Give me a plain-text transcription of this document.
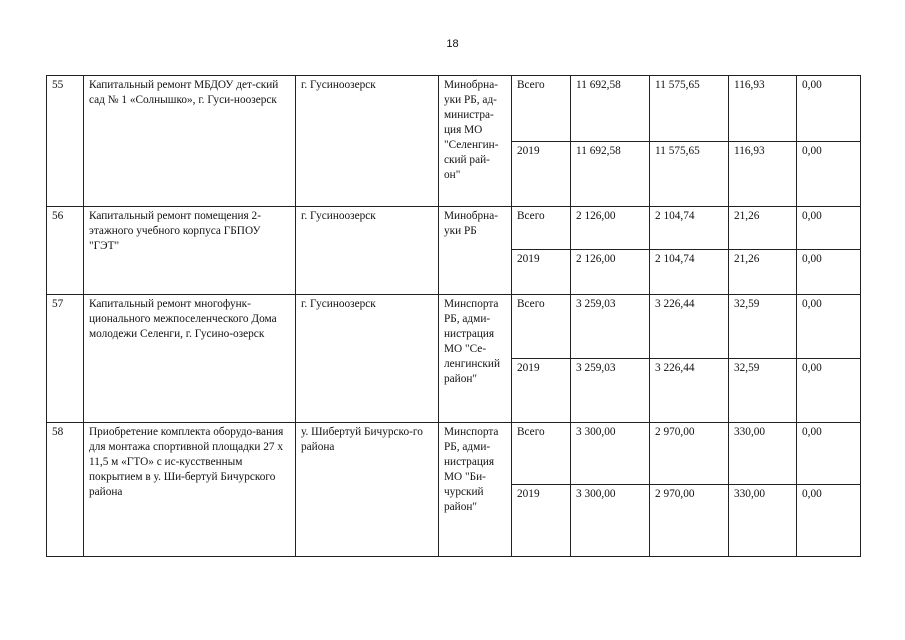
18
55	Капитальный ремонт МБДОУ дет-ский сад № 1 «Солнышко», г. Гуси-ноозерск	г. Гусиноозерск	Минобрна-уки РБ, ад-министра-ция МО "Селенгин-ский рай-он"	Всего	11 692,58	11 575,65	116,93	0,00
				2019	11 692,58	11 575,65	116,93	0,00
56	Капитальный ремонт помещения 2-этажного учебного корпуса ГБПОУ "ГЭТ"	г. Гусиноозерск	Минобрна-уки РБ	Всего	2 126,00	2 104,74	21,26	0,00
				2019	2 126,00	2 104,74	21,26	0,00
57	Капитальный ремонт многофунк-ционального межпоселенческого Дома молодежи Селенги, г. Гусино-озерск	г. Гусиноозерск	Минспорта РБ, адми-нистрация МО "Се-ленгинский район"	Всего	3 259,03	3 226,44	32,59	0,00
				2019	3 259,03	3 226,44	32,59	0,00
58	Приобретение комплекта оборудо-вания для монтажа спортивной площадки 27 х 11,5 м «ГТО» с ис-кусственным покрытием в у. Ши-бертуй Бичурского района	у. Шибертуй Бичурско-го района	Минспорта РБ, адми-нистрация МО "Би-чурский район"	Всего	3 300,00	2 970,00	330,00	0,00
				2019	3 300,00	2 970,00	330,00	0,00
